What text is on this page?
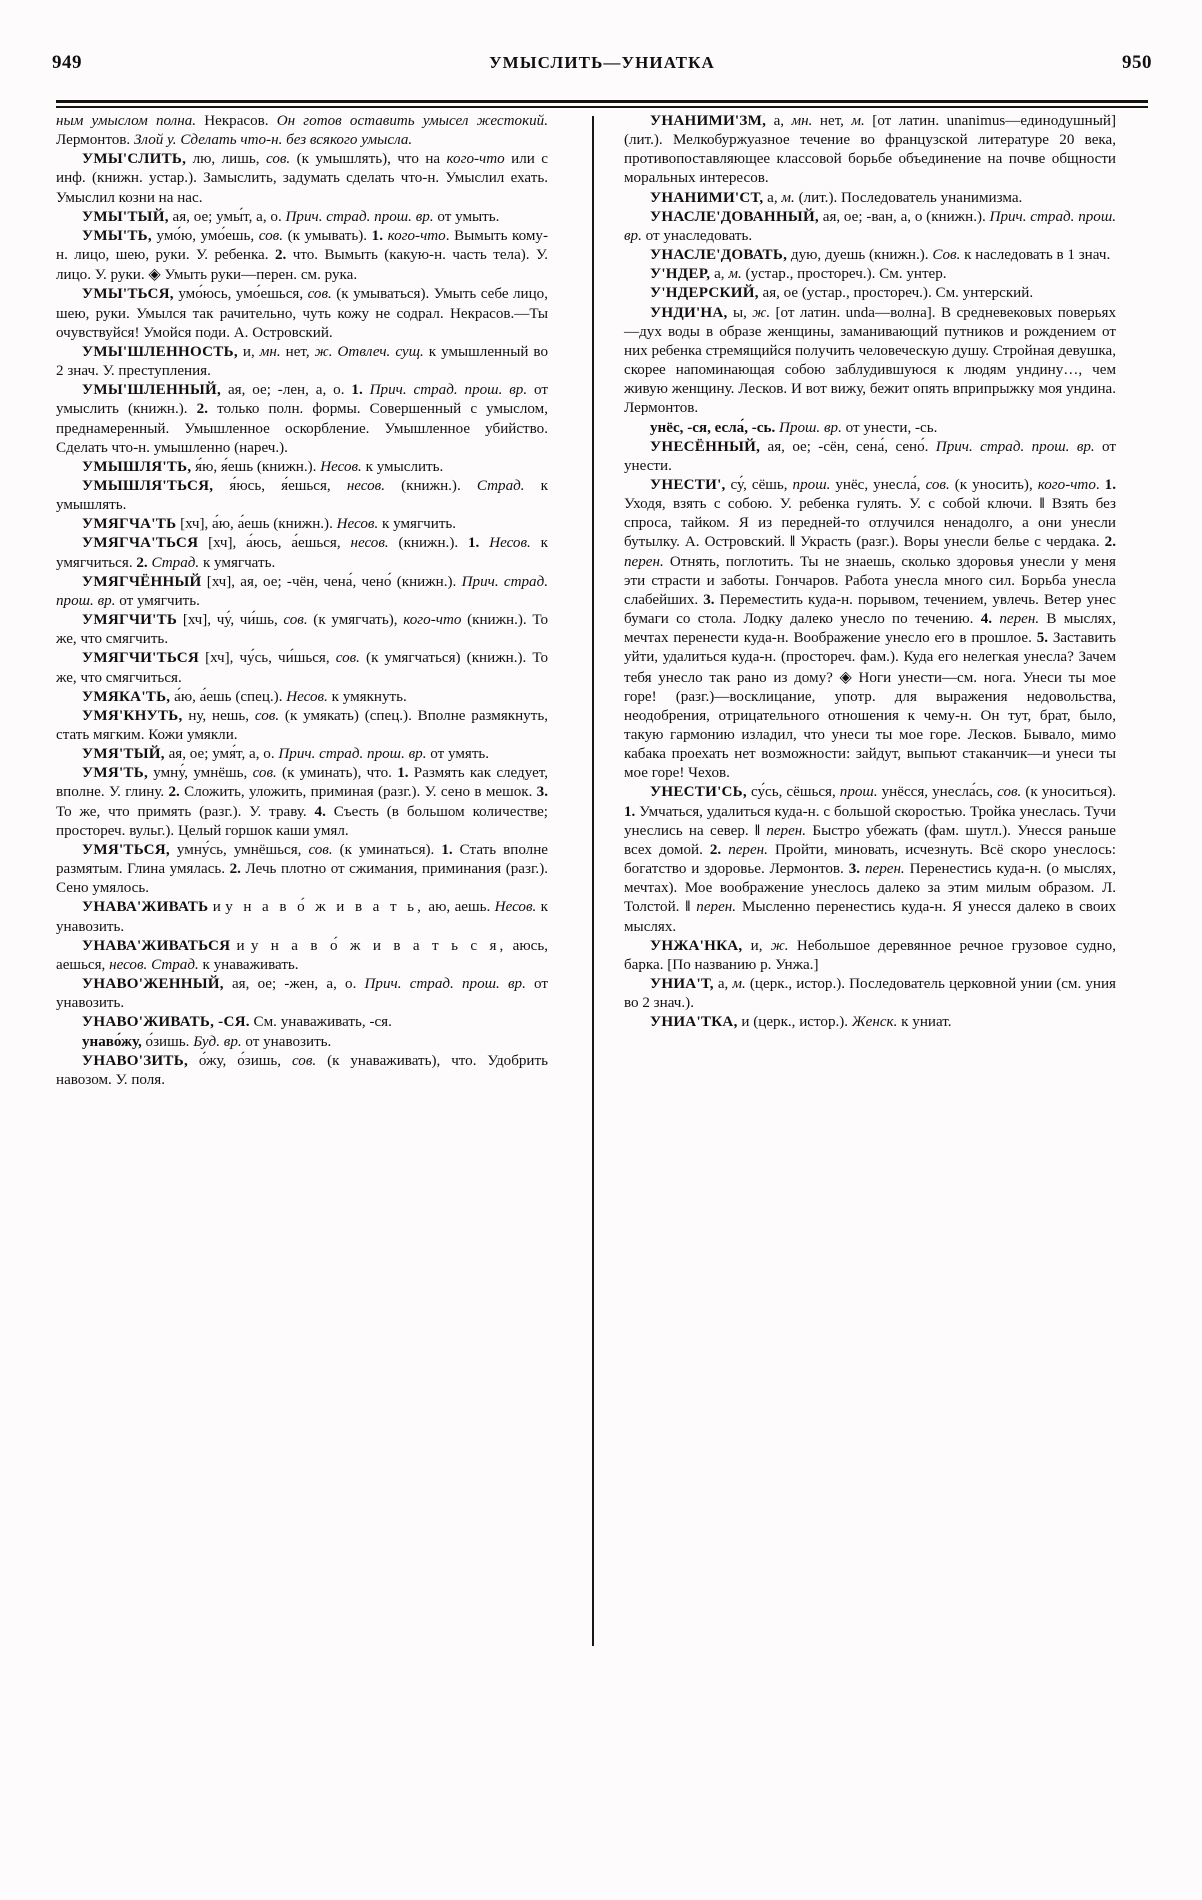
949	УМЫСЛИТЬ—УНИАТКА	950

ным умыслом полна. Некрасов. Он готов оставить умысел жестокий. Лермонтов. Злой у. Сделать что-н. без всякого умысла.

УМЫ'СЛИТЬ, лю, лишь, сов. (к умышлять), что на кого-что или с инф. (книжн. устар.). Замыслить, задумать сделать что-н. Умыслил ехать. Умыслил козни на нас.

УМЫ'ТЫЙ, ая, ое; умы́т, а, о. Прич. страд. прош. вр. от умыть.

УМЫ'ТЬ, умо́ю, умо́ешь, сов. (к умывать). 1. кого-что. Вымыть кому-н. лицо, шею, руки. У. ребенка. 2. что. Вымыть (какую-н. часть тела). У. лицо. У. руки. ◈ Умыть руки—перен. см. рука.

УМЫ'ТЬСЯ, умо́юсь, умо́ешься, сов. (к умываться). Умыть себе лицо, шею, руки. Умылся так рачительно, чуть кожу не содрал. Некрасов.—Ты очувствуйся! Умойся поди. А. Островский.

УМЫ'ШЛЕННОСТЬ, и, мн. нет, ж. Отвлеч. сущ. к умышленный во 2 знач. У. преступления.

УМЫ'ШЛЕННЫЙ, ая, ое; -лен, а, о. 1. Прич. страд. прош. вр. от умыслить (книжн.). 2. только полн. формы. Совершенный с умыслом, преднамеренный. Умышленное оскорбление. Умышленное убийство. Сделать что-н. умышленно (нареч.).

УМЫШЛЯ'ТЬ, я́ю, я́ешь (книжн.). Несов. к умыслить.

УМЫШЛЯ'ТЬСЯ, я́юсь, я́ешься, несов. (книжн.). Страд. к умышлять.

УМЯГЧА'ТЬ [хч], а́ю, а́ешь (книжн.). Несов. к умягчить.

УМЯГЧА'ТЬСЯ [хч], а́юсь, а́ешься, несов. (книжн.). 1. Несов. к умягчиться. 2. Страд. к умягчать.

УМЯГЧЁННЫЙ [хч], ая, ое; -чён, чена́, чено́ (книжн.). Прич. страд. прош. вр. от умягчить.

УМЯГЧИ'ТЬ [хч], чу́, чи́шь, сов. (к умягчать), кого-что (книжн.). То же, что смягчить.

УМЯГЧИ'ТЬСЯ [хч], чу́сь, чи́шься, сов. (к умягчаться) (книжн.). То же, что смягчиться.

УМЯКА'ТЬ, а́ю, а́ешь (спец.). Несов. к умякнуть.

УМЯ'КНУТЬ, ну, нешь, сов. (к умякать) (спец.). Вполне размякнуть, стать мягким. Кожи умякли.

УМЯ'ТЫЙ, ая, ое; умя́т, а, о. Прич. страд. прош. вр. от умять.

УМЯ'ТЬ, умну́, умнёшь, сов. (к уминать), что. 1. Размять как следует, вполне. У. глину. 2. Сложить, уложить, приминая (разг.). У. сено в мешок. 3. То же, что примять (разг.). У. траву. 4. Съесть (в большом количестве; простореч. вульг.). Целый горшок каши умял.

УМЯ'ТЬСЯ, умну́сь, умнёшься, сов. (к уминаться). 1. Стать вполне размятым. Глина умялась. 2. Лечь плотно от сжимания, приминания (разг.). Сено умялось.

УНАВА'ЖИВАТЬ и у н а в о́ ж и в а т ь, аю, аешь. Несов. к унавозить.

УНАВА'ЖИВАТЬСЯ и у н а в о́ ж и в а т ь с я, аюсь, аешься, несов. Страд. к унаваживать.

УНАВО'ЖЕННЫЙ, ая, ое; -жен, а, о. Прич. страд. прош. вр. от унавозить.

УНАВО'ЖИВАТЬ, -СЯ. См. унаваживать, -ся.

унаво́жу, о́зишь. Буд. вр. от унавозить.

УНАВО'ЗИТЬ, о́жу, о́зишь, сов. (к унаваживать), что. Удобрить навозом. У. поля.

УНАНИМИ'ЗМ, а, мн. нет, м. [от латин. unanimus—единодушный] (лит.). Мелкобуржуазное течение во французской литературе 20 века, противопоставляющее классовой борьбе объединение на почве общности моральных интересов.

УНАНИМИ'СТ, а, м. (лит.). Последователь унанимизма.

УНАСЛЕ'ДОВАННЫЙ, ая, ое; -ван, а, о (книжн.). Прич. страд. прош. вр. от унаследовать.

УНАСЛЕ'ДОВАТЬ, дую, дуешь (книжн.). Сов. к наследовать в 1 знач.

У'НДЕР, а, м. (устар., простореч.). См. унтер.

У'НДЕРСКИЙ, ая, ое (устар., простореч.). См. унтерский.

УНДИ'НА, ы, ж. [от латин. unda—волна]. В средневековых поверьях—дух воды в образе женщины, заманивающий путников и рождением от них ребенка стремящийся получить человеческую душу. Стройная девушка, скорее напоминающая собою заблудившуюся к людям ундину…, чем живую женщину. Лесков. И вот вижу, бежит опять вприпрыжку моя ундина. Лермонтов.

унёс, -ся, есла́, -сь. Прош. вр. от унести, -сь.

УНЕСЁННЫЙ, ая, ое; -сён, сена́, сено́. Прич. страд. прош. вр. от унести.

УНЕСТИ', су́, сёшь, прош. унёс, унесла́, сов. (к уносить), кого-что. 1. Уходя, взять с собою. У. ребенка гулять. У. с собой ключи. ‖ Взять без спроса, тайком. Я из передней-то отлучился ненадолго, а они унесли бутылку. А. Островский. ‖ Украсть (разг.). Воры унесли белье с чердака. 2. перен. Отнять, поглотить. Ты не знаешь, сколько здоровья унесли у меня эти страсти и заботы. Гончаров. Работа унесла много сил. Борьба унесла слабейших. 3. Переместить куда-н. порывом, течением, увлечь. Ветер унес бумаги со стола. Лодку далеко унесло по течению. 4. перен. В мыслях, мечтах перенести куда-н. Воображение унесло его в прошлое. 5. Заставить уйти, удалиться куда-н. (простореч. фам.). Куда его нелегкая унесла? Зачем тебя унесло так рано из дому? ◈ Ноги унести—см. нога. Унеси ты мое горе! (разг.)—восклицание, употр. для выражения недовольства, неодобрения, отрицательного отношения к чему-н. Он тут, брат, было, такую гармонию изладил, что унеси ты мое горе. Лесков. Бывало, мимо кабака проехать нет возможности: зайдут, выпьют стаканчик—и унеси ты мое горе! Чехов.

УНЕСТИ'СЬ, су́сь, сёшься, прош. унёсся, унесла́сь, сов. (к уноситься). 1. Умчаться, удалиться куда-н. с большой скоростью. Тройка унеслась. Тучи унеслись на север. ‖ перен. Быстро убежать (фам. шутл.). Унесся раньше всех домой. 2. перен. Пройти, миновать, исчезнуть. Всё скоро унеслось: богатство и здоровье. Лермонтов. 3. перен. Перенестись куда-н. (о мыслях, мечтах). Мое воображение унеслось далеко за этим милым образом. Л. Толстой. ‖ перен. Мысленно перенестись куда-н. Я унесся далеко в своих мыслях.

УНЖА'НКА, и, ж. Небольшое деревянное речное грузовое судно, барка. [По названию р. Унжа.]

УНИА'Т, а, м. (церк., истор.). Последователь церковной унии (см. уния во 2 знач.).

УНИА'ТКА, и (церк., истор.). Женск. к униат.
